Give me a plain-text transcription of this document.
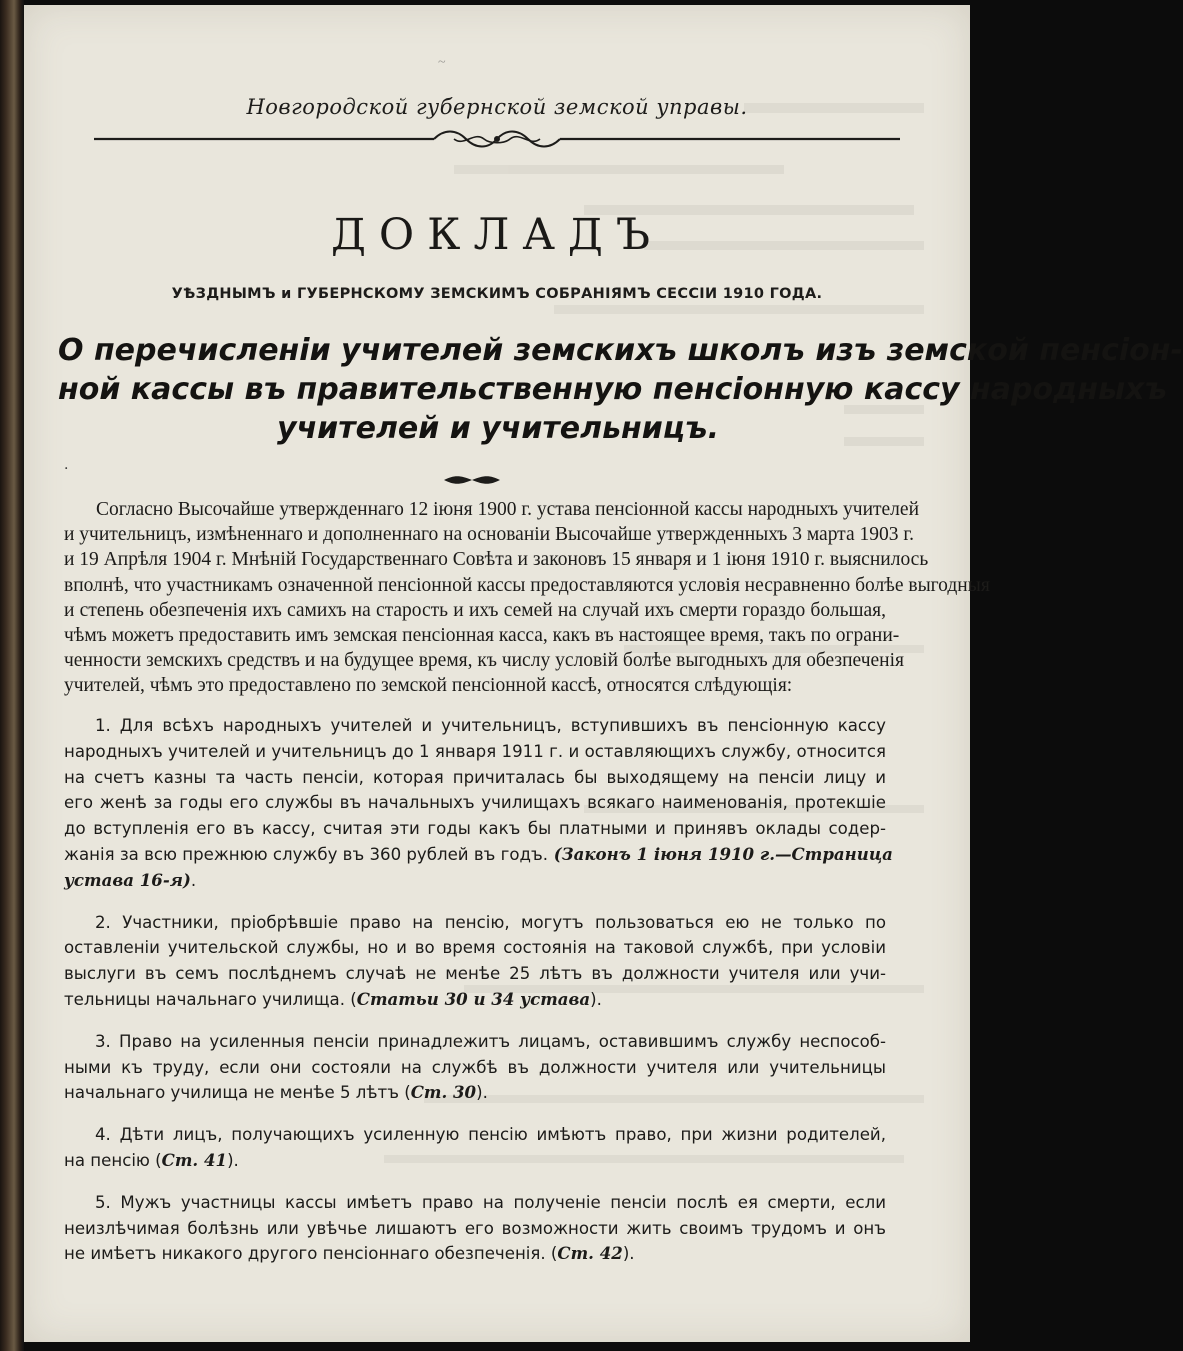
~
Новгородской губернской земской управы.
ДОКЛАДЪ
УѢЗДНЫМЪ и ГУБЕРНСКОМУ ЗЕМСКИМЪ СОБРАНІЯМЪ СЕССІИ 1910 ГОДА.
О перечисленіи учителей земскихъ школъ изъ земской пенсіон-
ной кассы въ правительственную пенсіонную кассу народныхъ
учителей и учительницъ.
·
Согласно Высочайше утвержденнаго 12 іюня 1900 г. устава пенсіонной кассы народныхъ учителей
и учительницъ, измѣненнаго и дополненнаго на основаніи Высочайше утвержденныхъ 3 марта 1903 г.
и 19 Апрѣля 1904 г. Мнѣній Государственнаго Совѣта и законовъ 15 января и 1 іюня 1910 г. выяснилось
вполнѣ, что участникамъ означенной пенсіонной кассы предоставляются условія несравненно болѣе выгодныя
и степень обезпеченія ихъ самихъ на старость и ихъ семей на случай ихъ смерти гораздо большая,
чѣмъ можетъ предоставить имъ земская пенсіонная касса, какъ въ настоящее время, такъ по ограни-
ченности земскихъ средствъ и на будущее время, къ числу условій болѣе выгодныхъ для обезпеченія
учителей, чѣмъ это предоставлено по земской пенсіонной кассѣ, относятся слѣдующія:
1. Для всѣхъ народныхъ учителей и учительницъ, вступившихъ въ пенсіонную кассу
народныхъ учителей и учительницъ до 1 января 1911 г. и оставляющихъ службу, относится
на счетъ казны та часть пенсіи, которая причиталась бы выходящему на пенсіи лицу и
его женѣ за годы его службы въ начальныхъ училищахъ всякаго наименованія, протекшіе
до вступленія его въ кассу, считая эти годы какъ бы платными и принявъ оклады содер-
жанія за всю прежнюю службу въ 360 рублей въ годъ. (Законъ 1 іюня 1910 г.—Страница
устава 16-я).
2. Участники, пріобрѣвшіе право на пенсію, могутъ пользоваться ею не только по
оставленіи учительской службы, но и во время состоянія на таковой службѣ, при условіи
выслуги въ семъ послѣднемъ случаѣ не менѣе 25 лѣтъ въ должности учителя или учи-
тельницы начальнаго училища. (Статьи 30 и 34 устава).
3. Право на усиленныя пенсіи принадлежитъ лицамъ, оставившимъ службу неспособ-
ными къ труду, если они состояли на службѣ въ должности учителя или учительницы
начальнаго училища не менѣе 5 лѣтъ (Ст. 30).
4. Дѣти лицъ, получающихъ усиленную пенсію имѣютъ право, при жизни родителей,
на пенсію (Ст. 41).
5. Мужъ участницы кассы имѣетъ право на полученіе пенсіи послѣ ея смерти, если
неизлѣчимая болѣзнь или увѣчье лишаютъ его возможности жить своимъ трудомъ и онъ
не имѣетъ никакого другого пенсіоннаго обезпеченія. (Ст. 42).
